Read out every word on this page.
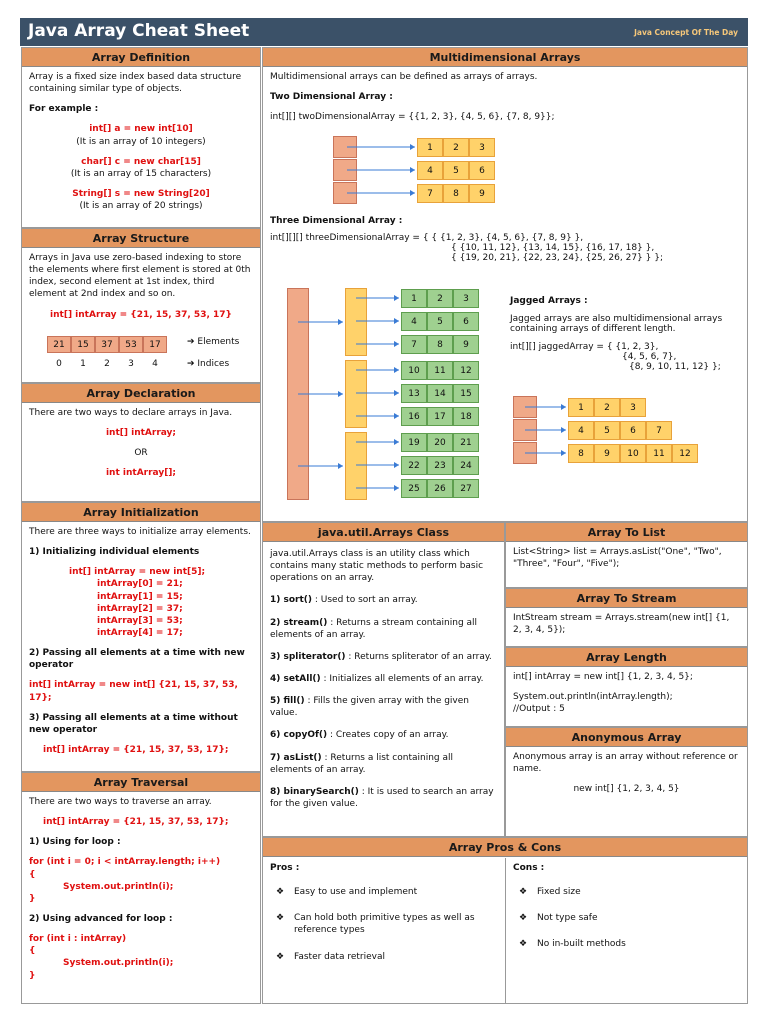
Java Array Cheat Sheet	Java Concept Of The Day
Array Definition
Array is a fixed size index based data structure containing similar type of objects.
For example :
int[] a = new int[10]
(It is an array of 10 integers)
char[] c = new char[15]
(It is an array of 15 characters)
String[] s = new String[20]
(It is an array of 20 strings)
Array Structure
Arrays in Java use zero-based indexing to store the elements where first element is stored at 0th index, second element at 1st index, third element at 2nd index and so on.
int[] intArray = {21, 15, 37, 53, 17}
21	15	37	53	17
0	1	2	3	4
➔ Elements
➔ Indices
Array Declaration
There are two ways to declare arrays in Java.
int[] intArray;
OR
int intArray[];
Array Initialization
There are three ways to initialize array elements.
1) Initializing individual elements
int[] intArray = new int[5];
intArray[0] = 21;
intArray[1] = 15;
intArray[2] = 37;
intArray[3] = 53;
intArray[4] = 17;
2) Passing all elements at a time with new operator
int[] intArray = new int[] {21, 15, 37, 53, 17};
3) Passing all elements at a time without new operator
int[] intArray = {21, 15, 37, 53, 17};
Array Traversal
There are two ways to traverse an array.
int[] intArray = {21, 15, 37, 53, 17};
1) Using for loop :
for (int i = 0; i < intArray.length; i++)
{
System.out.println(i);
}
2) Using advanced for loop :
for (int i : intArray)
{
System.out.println(i);
}
Multidimensional Arrays
Multidimensional arrays can be defined as arrays of arrays.
Two Dimensional Array :
int[][] twoDimensionalArray = {{1, 2, 3}, {4, 5, 6}, {7, 8, 9}};
1	2	3
4	5	6
7	8	9
Three Dimensional Array :
int[][][] threeDimensionalArray = { { {1, 2, 3}, {4, 5, 6}, {7, 8, 9} },
{ {10, 11, 12}, {13, 14, 15}, {16, 17, 18} },
{ {19, 20, 21}, {22, 23, 24}, {25, 26, 27} } };
1	2	3
4	5	6
7	8	9
10	11	12
13	14	15
16	17	18
19	20	21
22	23	24
25	26	27
Jagged Arrays :
Jagged arrays are also multidimensional arrays containing arrays of different length.
int[][] jaggedArray = { {1, 2, 3},
{4, 5, 6, 7},
{8, 9, 10, 11, 12} };
1	2	3
4	5	6	7
8	9	10	11	12
java.util.Arrays Class
java.util.Arrays class is an utility class which contains many static methods to perform basic operations on an array.
1) sort() : Used to sort an array.
2) stream() : Returns a stream containing all elements of an array.
3) spliterator() : Returns spliterator of an array.
4) setAll() : Initializes all elements of an array.
5) fill() : Fills the given array with the given value.
6) copyOf() : Creates copy of an array.
7) asList() : Returns a list containing all elements of an array.
8) binarySearch() : It is used to search an array for the given value.
Array To List
List<String> list = Arrays.asList("One", "Two", "Three", "Four", "Five");
Array To Stream
IntStream stream = Arrays.stream(new int[] {1, 2, 3, 4, 5});
Array Length
int[] intArray = new int[] {1, 2, 3, 4, 5};
System.out.println(intArray.length);
//Output : 5
Anonymous Array
Anonymous array is an array without reference or name.
new int[] {1, 2, 3, 4, 5}
Array Pros & Cons
Pros :
❖ Easy to use and implement
❖ Can hold both primitive types as well as reference types
❖ Faster data retrieval
Cons :
❖ Fixed size
❖ Not type safe
❖ No in-built methods
